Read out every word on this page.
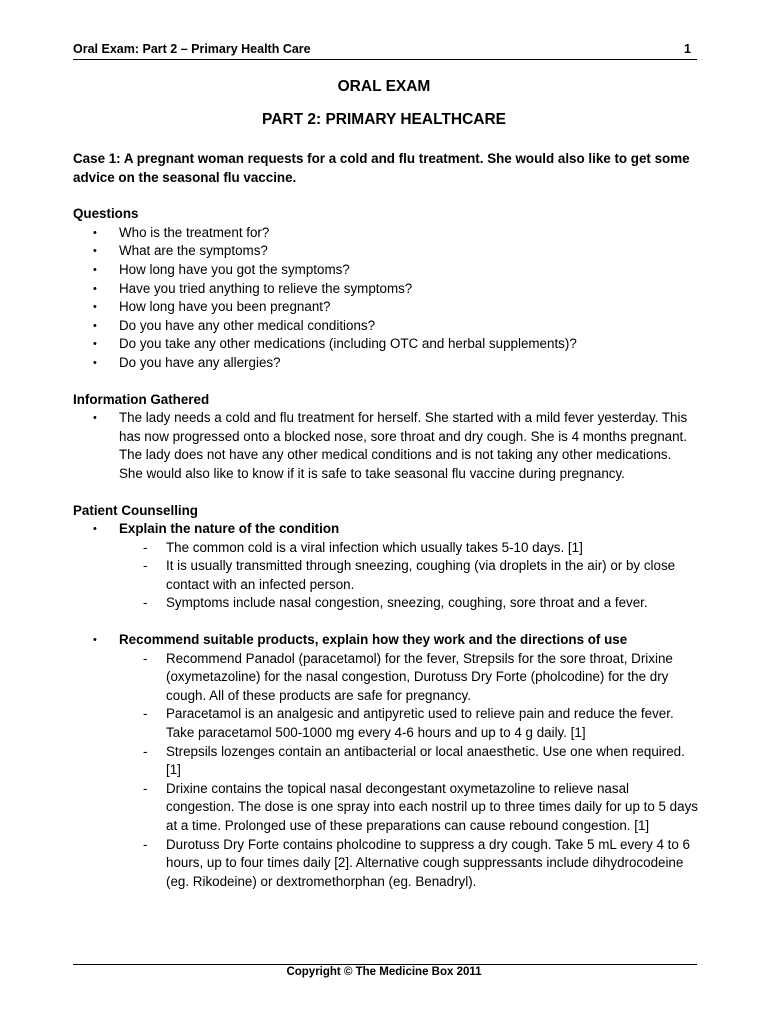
Oral Exam: Part 2 – Primary Health Care	1
ORAL EXAM
PART 2: PRIMARY HEALTHCARE

Case 1: A pregnant woman requests for a cold and flu treatment. She would also like to get some advice on the seasonal flu vaccine.

Questions

• Who is the treatment for?
• What are the symptoms?
• How long have you got the symptoms?
• Have you tried anything to relieve the symptoms?
• How long have you been pregnant?
• Do you have any other medical conditions?
• Do you take any other medications (including OTC and herbal supplements)?
• Do you have any allergies?

Information Gathered

• The lady needs a cold and flu treatment for herself. She started with a mild fever yesterday. This has now progressed onto a blocked nose, sore throat and dry cough. She is 4 months pregnant. The lady does not have any other medical conditions and is not taking any other medications. She would also like to know if it is safe to take seasonal flu vaccine during pregnancy.

Patient Counselling

• Explain the nature of the condition
- The common cold is a viral infection which usually takes 5-10 days. [1]
- It is usually transmitted through sneezing, coughing (via droplets in the air) or by close contact with an infected person.
- Symptoms include nasal congestion, sneezing, coughing, sore throat and a fever.
• Recommend suitable products, explain how they work and the directions of use
- Recommend Panadol (paracetamol) for the fever, Strepsils for the sore throat, Drixine (oxymetazoline) for the nasal congestion, Durotuss Dry Forte (pholcodine) for the dry cough. All of these products are safe for pregnancy.
- Paracetamol is an analgesic and antipyretic used to relieve pain and reduce the fever. Take paracetamol 500-1000 mg every 4-6 hours and up to 4 g daily. [1]
- Strepsils lozenges contain an antibacterial or local anaesthetic. Use one when required. [1]
- Drixine contains the topical nasal decongestant oxymetazoline to relieve nasal congestion. The dose is one spray into each nostril up to three times daily for up to 5 days at a time. Prolonged use of these preparations can cause rebound congestion. [1]
- Durotuss Dry Forte contains pholcodine to suppress a dry cough. Take 5 mL every 4 to 6 hours, up to four times daily [2]. Alternative cough suppressants include dihydrocodeine (eg. Rikodeine) or dextromethorphan (eg. Benadryl).
Copyright © The Medicine Box 2011
